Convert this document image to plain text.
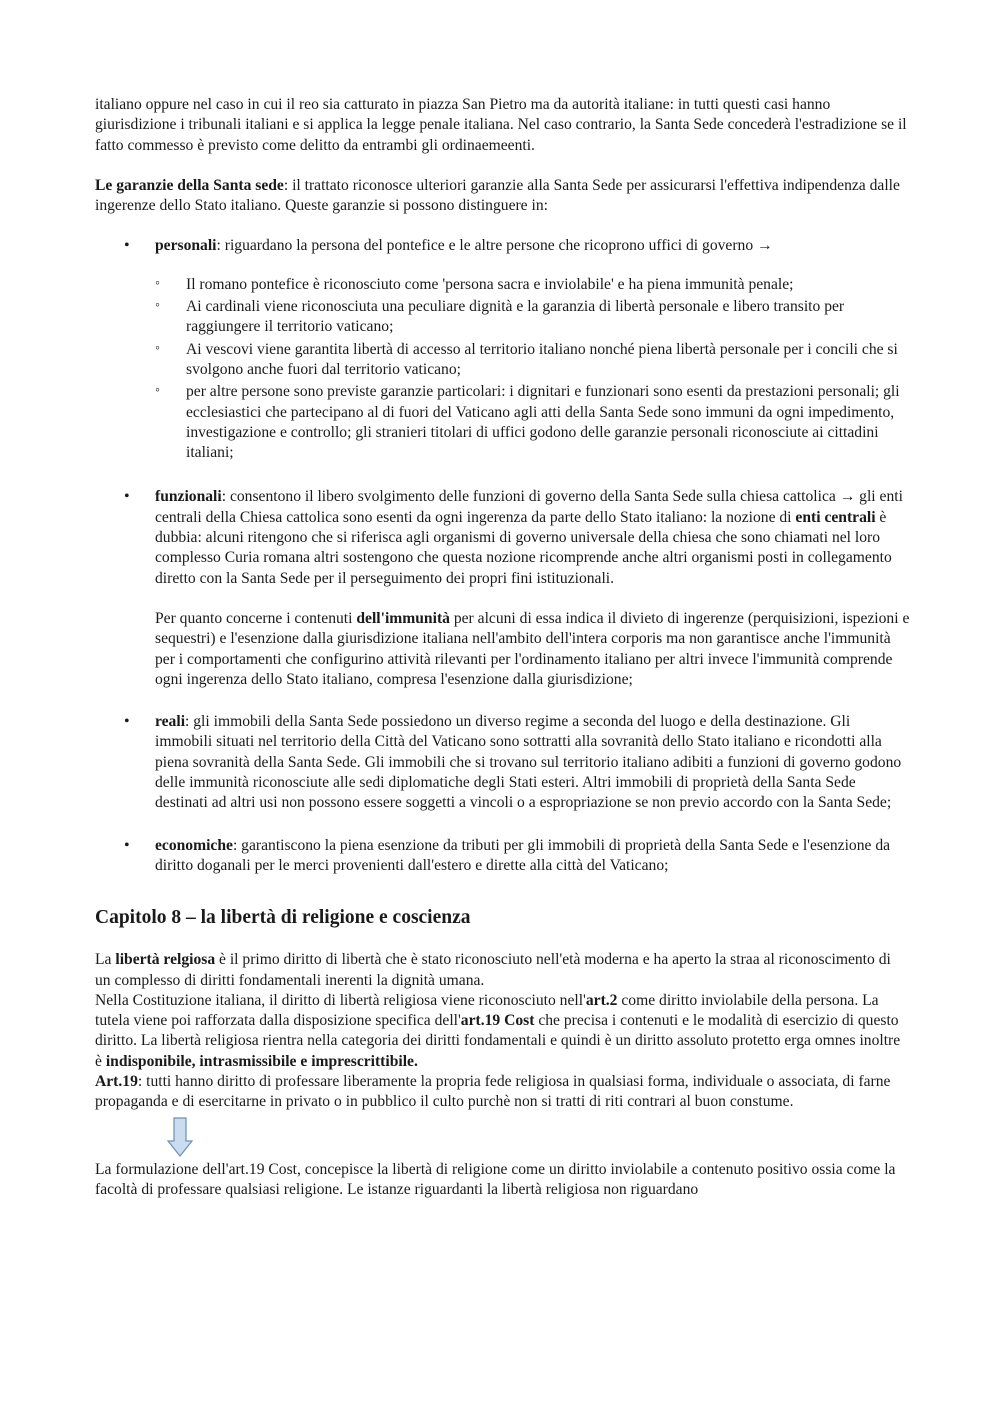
italiano oppure nel caso in cui il reo sia catturato in piazza San Pietro ma da autorità italiane: in tutti questi casi hanno giurisdizione i tribunali italiani e si applica la legge penale italiana. Nel caso contrario, la Santa Sede concederà l'estradizione se il fatto commesso è previsto come delitto da entrambi gli ordinaemeenti.

Le garanzie della Santa sede: il trattato riconosce ulteriori garanzie alla Santa Sede per assicurarsi l'effettiva indipendenza dalle ingerenze dello Stato italiano. Queste garanzie si possono distinguere in:

• personali: riguardano la persona del pontefice e le altre persone che ricoprono uffici di governo →
◦ Il romano pontefice è riconosciuto come 'persona sacra e inviolabile' e ha piena immunità penale;
◦ Ai cardinali viene riconosciuta una peculiare dignità e la garanzia di libertà personale e libero transito per raggiungere il territorio vaticano;
◦ Ai vescovi viene garantita libertà di accesso al territorio italiano nonché piena libertà personale per i concili che si svolgono anche fuori dal territorio vaticano;
◦ per altre persone sono previste garanzie particolari: i dignitari e funzionari sono esenti da prestazioni personali; gli ecclesiastici che partecipano al di fuori del Vaticano agli atti della Santa Sede sono immuni da ogni impedimento, investigazione e controllo; gli stranieri titolari di uffici godono delle garanzie personali riconosciute ai cittadini italiani;
• funzionali: consentono il libero svolgimento delle funzioni di governo della Santa Sede sulla chiesa cattolica → gli enti centrali della Chiesa cattolica sono esenti da ogni ingerenza da parte dello Stato italiano: la nozione di enti centrali è dubbia: alcuni ritengono che si riferisca agli organismi di governo universale della chiesa che sono chiamati nel loro complesso Curia romana altri sostengono che questa nozione ricomprende anche altri organismi posti in collegamento diretto con la Santa Sede per il perseguimento dei propri fini istituzionali.

Per quanto concerne i contenuti dell'immunità per alcuni di essa indica il divieto di ingerenze (perquisizioni, ispezioni e sequestri) e l'esenzione dalla giurisdizione italiana nell'ambito dell'intera corporis ma non garantisce anche l'immunità per i comportamenti che configurino attività rilevanti per l'ordinamento italiano per altri invece l'immunità comprende ogni ingerenza dello Stato italiano, compresa l'esenzione dalla giurisdizione;

• reali: gli immobili della Santa Sede possiedono un diverso regime a seconda del luogo e della destinazione. Gli immobili situati nel territorio della Città del Vaticano sono sottratti alla sovranità dello Stato italiano e ricondotti alla piena sovranità della Santa Sede. Gli immobili che si trovano sul territorio italiano adibiti a funzioni di governo godono delle immunità riconosciute alle sedi diplomatiche degli Stati esteri. Altri immobili di proprietà della Santa Sede destinati ad altri usi non possono essere soggetti a vincoli o a espropriazione se non previo accordo con la Santa Sede;
• economiche: garantiscono la piena esenzione da tributi per gli immobili di proprietà della Santa Sede e l'esenzione da diritto doganali per le merci provenienti dall'estero e dirette alla città del Vaticano;
Capitolo 8 – la libertà di religione e coscienza

La libertà relgiosa è il primo diritto di libertà che è stato riconosciuto nell'età moderna e ha aperto la straa al riconoscimento di un complesso di diritti fondamentali inerenti la dignità umana.

Nella Costituzione italiana, il diritto di libertà religiosa viene riconosciuto nell'art.2 come diritto inviolabile della persona. La tutela viene poi rafforzata dalla disposizione specifica dell'art.19 Cost che precisa i contenuti e le modalità di esercizio di questo diritto. La libertà religiosa rientra nella categoria dei diritti fondamentali e quindi è un diritto assoluto protetto erga omnes inoltre è indisponibile, intrasmissibile e imprescrittibile.

Art.19: tutti hanno diritto di professare liberamente la propria fede religiosa in qualsiasi forma, individuale o associata, di farne propaganda e di esercitarne in privato o in pubblico il culto purchè non si tratti di riti contrari al buon constume.

La formulazione dell'art.19 Cost, concepisce la libertà di religione come un diritto inviolabile a contenuto positivo ossia come la facoltà di professare qualsiasi religione. Le istanze riguardanti la libertà religiosa non riguardano
